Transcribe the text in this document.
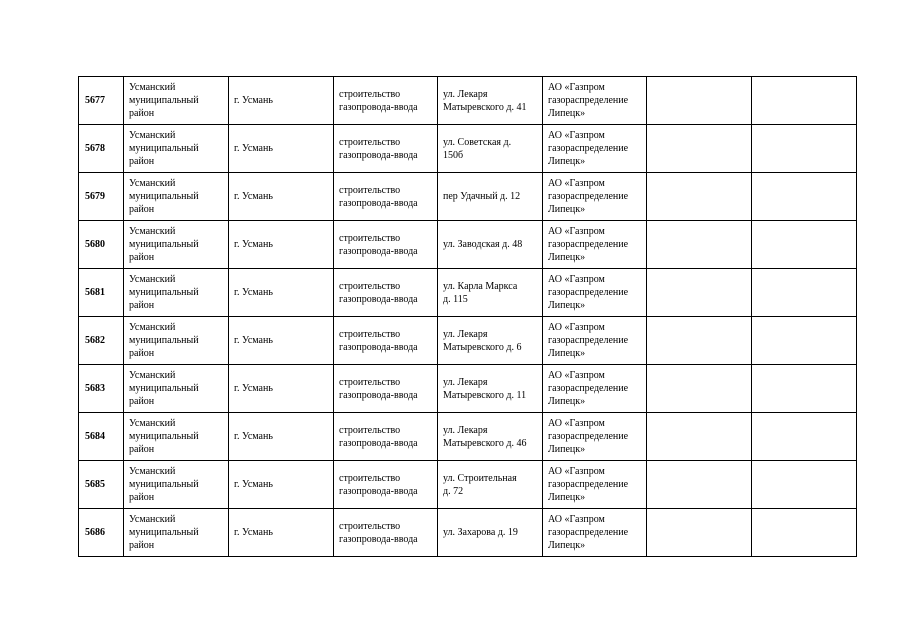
5677	Усманский
муниципальный
район	г. Усмань	строительство
газопровода-ввода	ул. Лекаря
Матыревского д. 41	АО «Газпром
газораспределение
Липецк»		

5678	Усманский
муниципальный
район	г. Усмань	строительство
газопровода-ввода	ул. Советская д.
150б	АО «Газпром
газораспределение
Липецк»		

5679	Усманский
муниципальный
район	г. Усмань	строительство
газопровода-ввода	пер Удачный д. 12	АО «Газпром
газораспределение
Липецк»		

5680	Усманский
муниципальный
район	г. Усмань	строительство
газопровода-ввода	ул. Заводская д. 48	АО «Газпром
газораспределение
Липецк»		

5681	Усманский
муниципальный
район	г. Усмань	строительство
газопровода-ввода	ул. Карла Маркса
д. 115	АО «Газпром
газораспределение
Липецк»		

5682	Усманский
муниципальный
район	г. Усмань	строительство
газопровода-ввода	ул. Лекаря
Матыревского д. 6	АО «Газпром
газораспределение
Липецк»		

5683	Усманский
муниципальный
район	г. Усмань	строительство
газопровода-ввода	ул. Лекаря
Матыревского д. 11	АО «Газпром
газораспределение
Липецк»		

5684	Усманский
муниципальный
район	г. Усмань	строительство
газопровода-ввода	ул. Лекаря
Матыревского д. 46	АО «Газпром
газораспределение
Липецк»		

5685	Усманский
муниципальный
район	г. Усмань	строительство
газопровода-ввода	ул. Строительная
д. 72	АО «Газпром
газораспределение
Липецк»		

5686	Усманский
муниципальный
район	г. Усмань	строительство
газопровода-ввода	ул. Захарова д. 19	АО «Газпром
газораспределение
Липецк»		
